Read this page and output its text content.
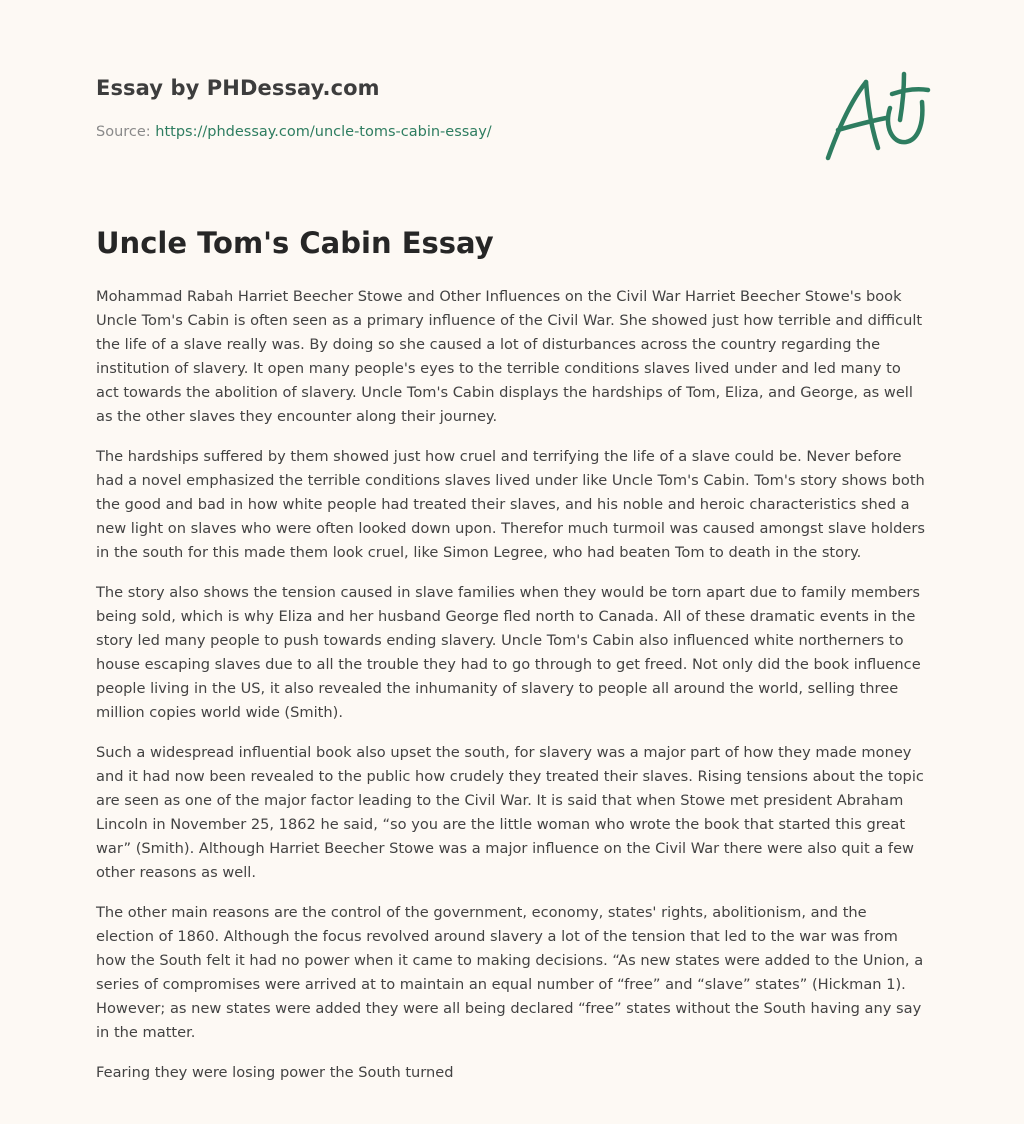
Essay by PHDessay.com
Source: https://phdessay.com/uncle-toms-cabin-essay/
Uncle Tom's Cabin Essay

Mohammad Rabah Harriet Beecher Stowe and Other Influences on the Civil War Harriet Beecher Stowe's book Uncle Tom's Cabin is often seen as a primary influence of the Civil War. She showed just how terrible and difficult the life of a slave really was. By doing so she caused a lot of disturbances across the country regarding the institution of slavery. It open many people's eyes to the terrible conditions slaves lived under and led many to act towards the abolition of slavery. Uncle Tom's Cabin displays the hardships of Tom, Eliza, and George, as well as the other slaves they encounter along their journey.

The hardships suffered by them showed just how cruel and terrifying the life of a slave could be. Never before had a novel emphasized the terrible conditions slaves lived under like Uncle Tom's Cabin. Tom's story shows both the good and bad in how white people had treated their slaves, and his noble and heroic characteristics shed a new light on slaves who were often looked down upon. Therefor much turmoil was caused amongst slave holders in the south for this made them look cruel, like Simon Legree, who had beaten Tom to death in the story.

The story also shows the tension caused in slave families when they would be torn apart due to family members being sold, which is why Eliza and her husband George fled north to Canada. All of these dramatic events in the story led many people to push towards ending slavery. Uncle Tom's Cabin also influenced white northerners to house escaping slaves due to all the trouble they had to go through to get freed. Not only did the book influence people living in the US, it also revealed the inhumanity of slavery to people all around the world, selling three million copies world wide (Smith).

Such a widespread influential book also upset the south, for slavery was a major part of how they made money and it had now been revealed to the public how crudely they treated their slaves. Rising tensions about the topic are seen as one of the major factor leading to the Civil War. It is said that when Stowe met president Abraham Lincoln in November 25, 1862 he said, “so you are the little woman who wrote the book that started this great war” (Smith). Although Harriet Beecher Stowe was a major influence on the Civil War there were also quit a few other reasons as well.

The other main reasons are the control of the government, economy, states' rights, abolitionism, and the election of 1860. Although the focus revolved around slavery a lot of the tension that led to the war was from how the South felt it had no power when it came to making decisions. “As new states were added to the Union, a series of compromises were arrived at to maintain an equal number of “free” and “slave” states” (Hickman 1). However; as new states were added they were all being declared “free” states without the South having any say in the matter.

Fearing they were losing power the South turned
